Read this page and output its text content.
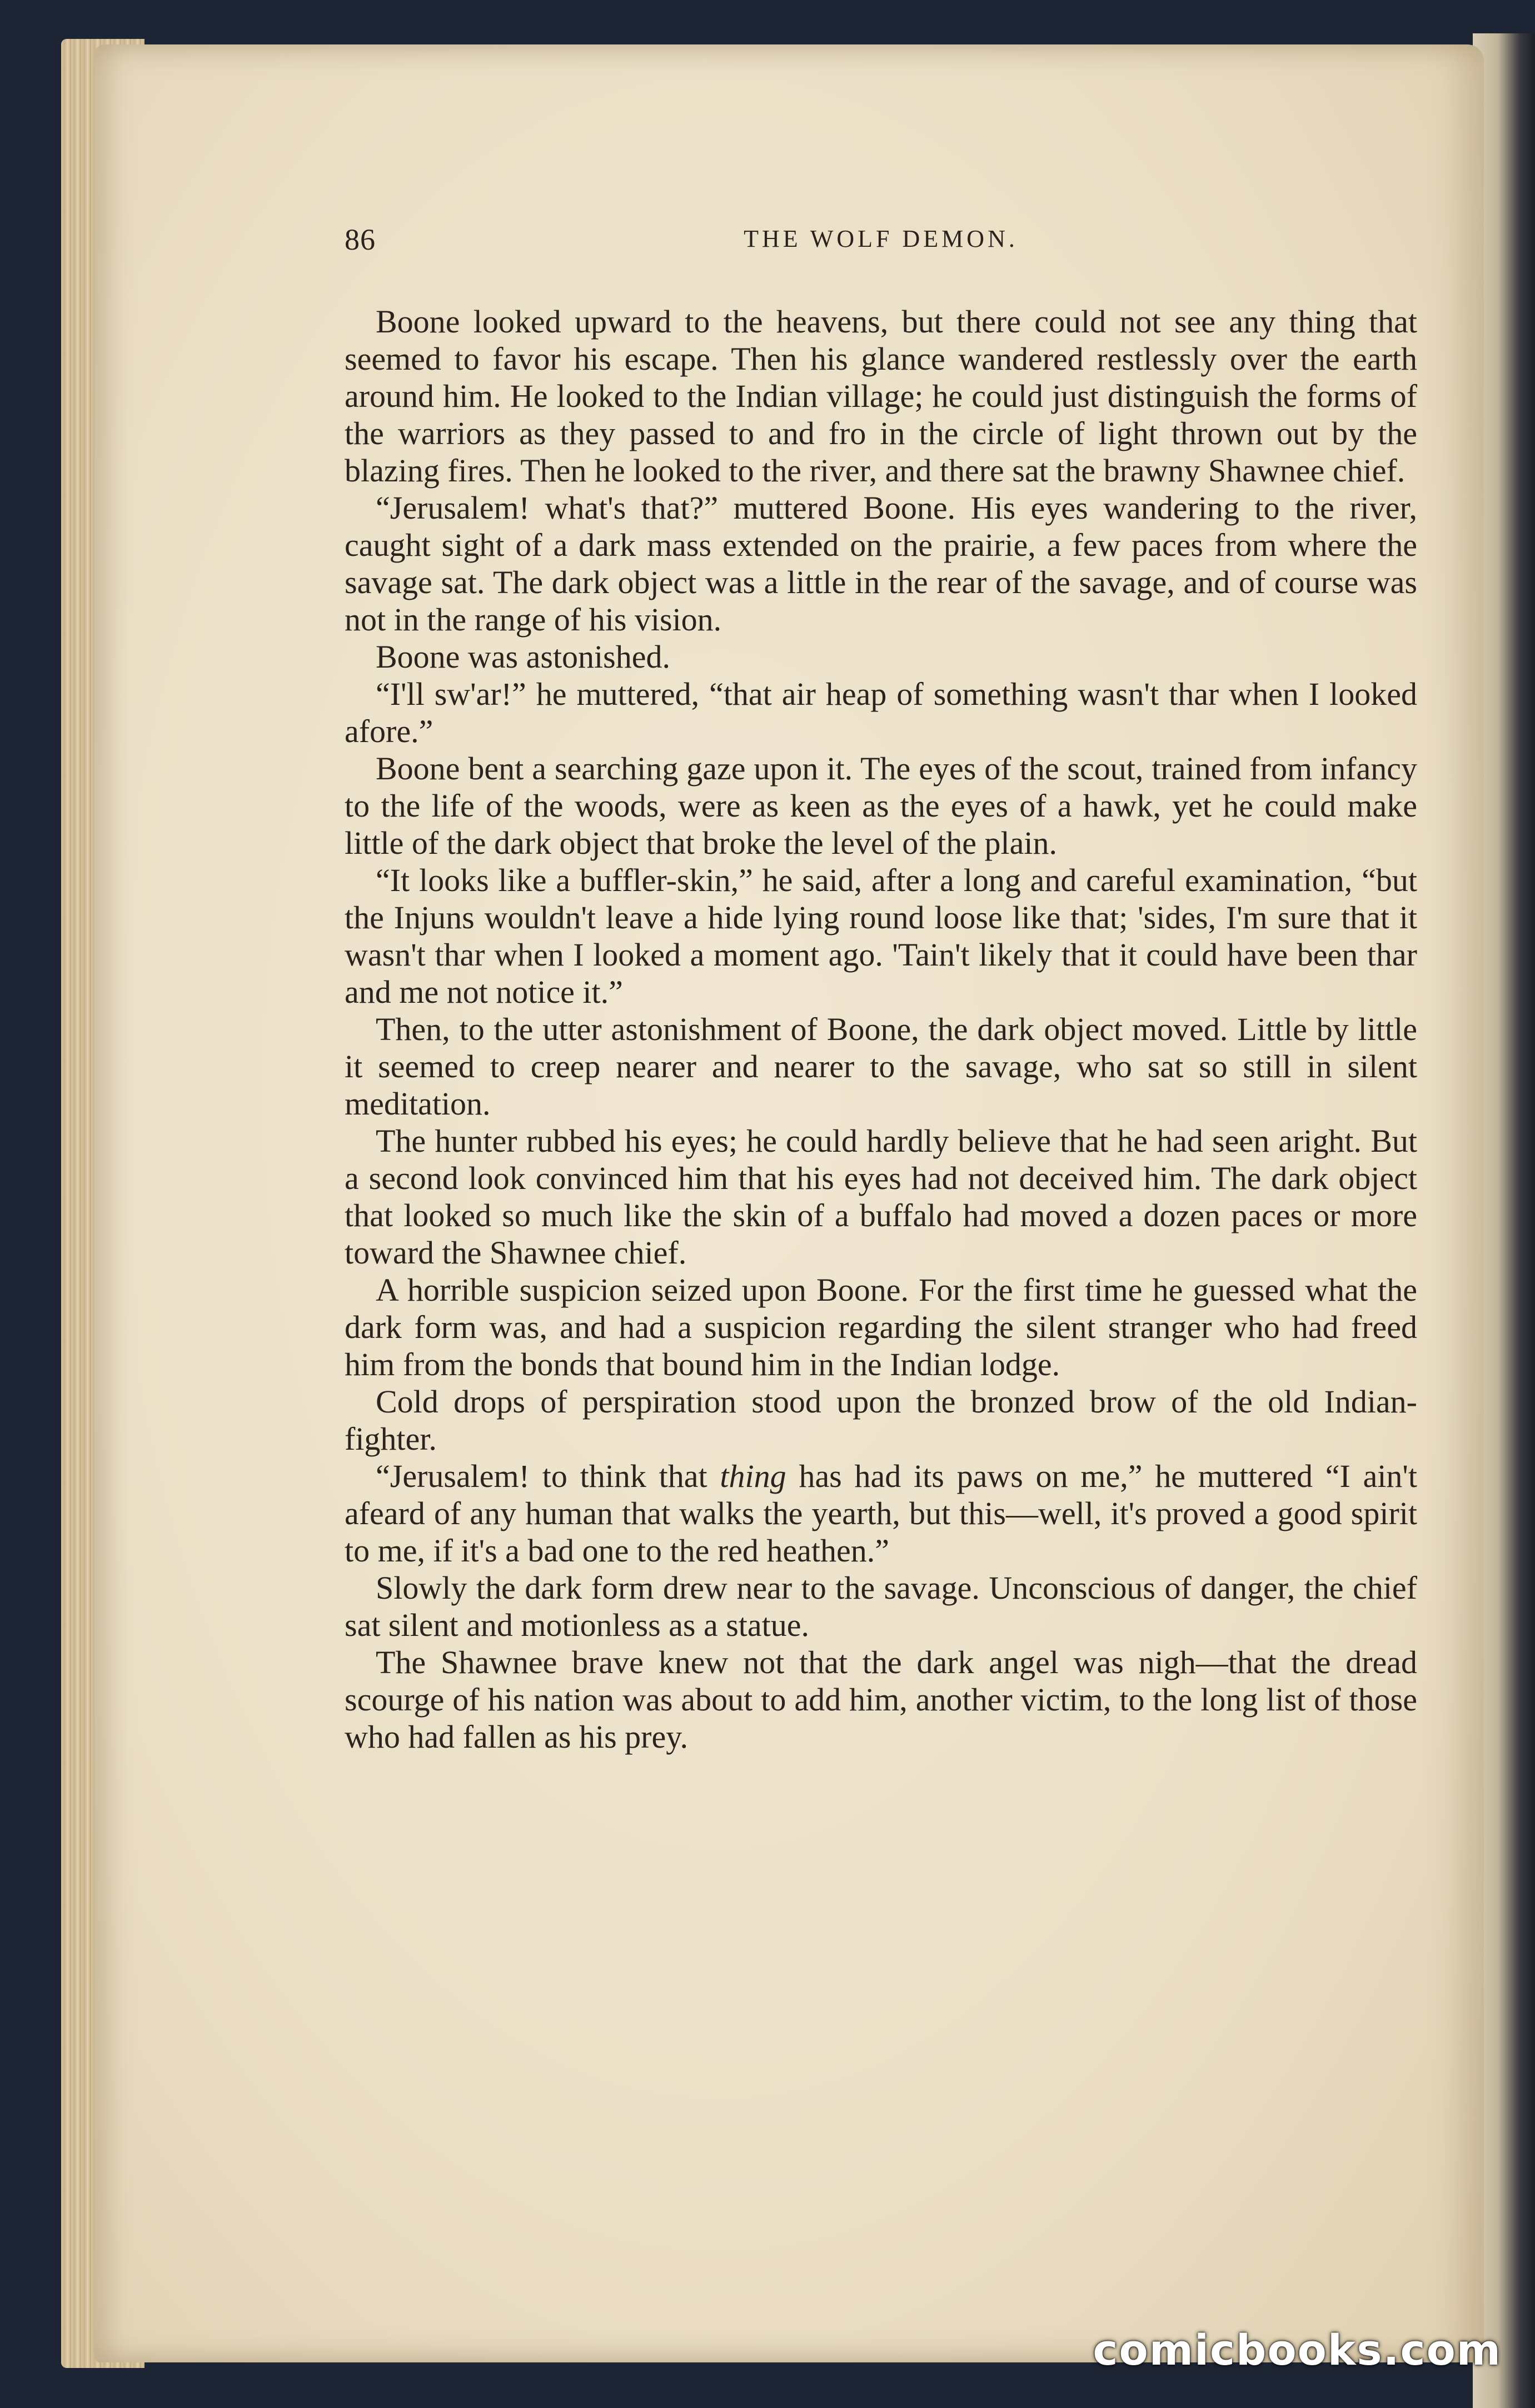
86	THE WOLF DEMON.

Boone looked upward to the heavens, but there could not see any thing that seemed to favor his escape. Then his glance wandered restlessly over the earth around him. He looked to the Indian village; he could just distinguish the forms of the warriors as they passed to and fro in the circle of light thrown out by the blazing fires. Then he looked to the river, and there sat the brawny Shawnee chief.

“Jerusalem! what's that?” muttered Boone. His eyes wandering to the river, caught sight of a dark mass extended on the prairie, a few paces from where the savage sat. The dark object was a little in the rear of the savage, and of course was not in the range of his vision.

Boone was astonished.

“I'll sw'ar!” he muttered, “that air heap of something wasn't thar when I looked afore.”

Boone bent a searching gaze upon it. The eyes of the scout, trained from infancy to the life of the woods, were as keen as the eyes of a hawk, yet he could make little of the dark object that broke the level of the plain.

“It looks like a buffler-skin,” he said, after a long and careful examination, “but the Injuns wouldn't leave a hide lying round loose like that; 'sides, I'm sure that it wasn't thar when I looked a moment ago. 'Tain't likely that it could have been thar and me not notice it.”

Then, to the utter astonishment of Boone, the dark object moved. Little by little it seemed to creep nearer and nearer to the savage, who sat so still in silent meditation.

The hunter rubbed his eyes; he could hardly believe that he had seen aright. But a second look convinced him that his eyes had not deceived him. The dark object that looked so much like the skin of a buffalo had moved a dozen paces or more toward the Shawnee chief.

A horrible suspicion seized upon Boone. For the first time he guessed what the dark form was, and had a suspicion regarding the silent stranger who had freed him from the bonds that bound him in the Indian lodge.

Cold drops of perspiration stood upon the bronzed brow of the old Indian-fighter.

“Jerusalem! to think that thing has had its paws on me,” he muttered “I ain't afeard of any human that walks the yearth, but this—well, it's proved a good spirit to me, if it's a bad one to the red heathen.”

Slowly the dark form drew near to the savage. Unconscious of danger, the chief sat silent and motionless as a statue.

The Shawnee brave knew not that the dark angel was nigh—that the dread scourge of his nation was about to add him, another victim, to the long list of those who had fallen as his prey.

comicbooks.com
